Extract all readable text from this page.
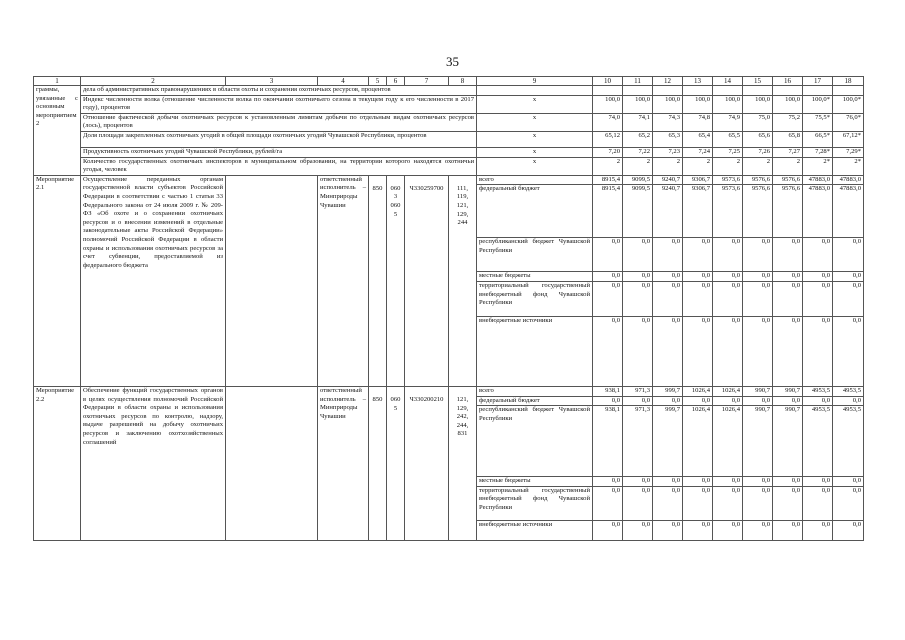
35
1	2	3	4	5	6	7	8	9	10	11	12	13	14	15	16	17	18
граммы, увязанные с основным мероприятием 2	дела об административных правонарушениях в области охоты и сохранения охотничьих ресурсов, процентов																
	Индекс численности волка (отношение численности волка по окончании охотничьего сезона в текущем году к его численности в 2017 году), процентов							х	100,0	100,0	100,0	100,0	100,0	100,0	100,0	100,0*	100,0*
	Отношение фактической добычи охотничьих ресурсов к установленным лимитам добычи по отдельным видам охотничьих ресурсов (лось), процентов							х	74,0	74,1	74,3	74,8	74,9	75,0	75,2	75,5*	76,0*
	Доля площади закрепленных охотничьих угодий в общей площади охотничьих угодий Чувашской Республики, процентов							х	65,12	65,2	65,3	65,4	65,5	65,6	65,8	66,5*	67,12*
	Продуктивность охотничьих угодий Чувашской Республики, рублей/га							х	7,20	7,22	7,23	7,24	7,25	7,26	7,27	7,28*	7,29*
	Количество государственных охотничьих инспекторов в муниципальном образовании, на территории которого находятся охотничьи угодья, человек							х	2	2	2	2	2	2	2	2*	2*
Мероприятие 2.1	Осуществление переданных органам государственной власти субъектов Российской Федерации в соответствии с частью 1 статьи 33 Федерального закона от 24 июля 2009 г. № 209-ФЗ «Об охоте и о сохранении охотничьих ресурсов и о внесении изменений в отдельные законодательные акты Российской Федерации» полномочий Российской Федерации в области охраны и использования охотничьих ресурсов за счет субвенции, предоставляемой из федерального бюджета		ответственный исполнитель – Минприроды Чувашии					всего	8915,4	9099,5	9240,7	9306,7	9573,6	9576,6	9576,6	47883,0	47883,0
				850	0603 0605	Ч330259700	111, 119, 121, 129, 244	федеральный бюджет	8915,4	9099,5	9240,7	9306,7	9573,6	9576,6	9576,6	47883,0	47883,0
								республиканский бюджет Чувашской Республики	0,0	0,0	0,0	0,0	0,0	0,0	0,0	0,0	0,0
								местные бюджеты	0,0	0,0	0,0	0,0	0,0	0,0	0,0	0,0	0,0
								территориальный государственный внебюджетный фонд Чувашской Республики	0,0	0,0	0,0	0,0	0,0	0,0	0,0	0,0	0,0
								внебюджетные источники	0,0	0,0	0,0	0,0	0,0	0,0	0,0	0,0	0,0
Мероприятие 2.2	Обеспечение функций государственных органов в целях осуществления полномочий Российской Федерации в области охраны и использования охотничьих ресурсов по контролю, надзору, выдаче разрешений на добычу охотничьих ресурсов и заключению охотхозяйственных соглашений		ответственный исполнитель – Минприроды Чувашии					всего	938,1	971,3	999,7	1026,4	1026,4	990,7	990,7	4953,5	4953,5
				850	0605	Ч330200210	121, 129, 242, 244, 831	федеральный бюджет	0,0	0,0	0,0	0,0	0,0	0,0	0,0	0,0	0,0
								республиканский бюджет Чувашской Республики	938,1	971,3	999,7	1026,4	1026,4	990,7	990,7	4953,5	4953,5
								местные бюджеты	0,0	0,0	0,0	0,0	0,0	0,0	0,0	0,0	0,0
								территориальный государственный внебюджетный фонд Чувашской Республики	0,0	0,0	0,0	0,0	0,0	0,0	0,0	0,0	0,0
								внебюджетные источники	0,0	0,0	0,0	0,0	0,0	0,0	0,0	0,0	0,0
